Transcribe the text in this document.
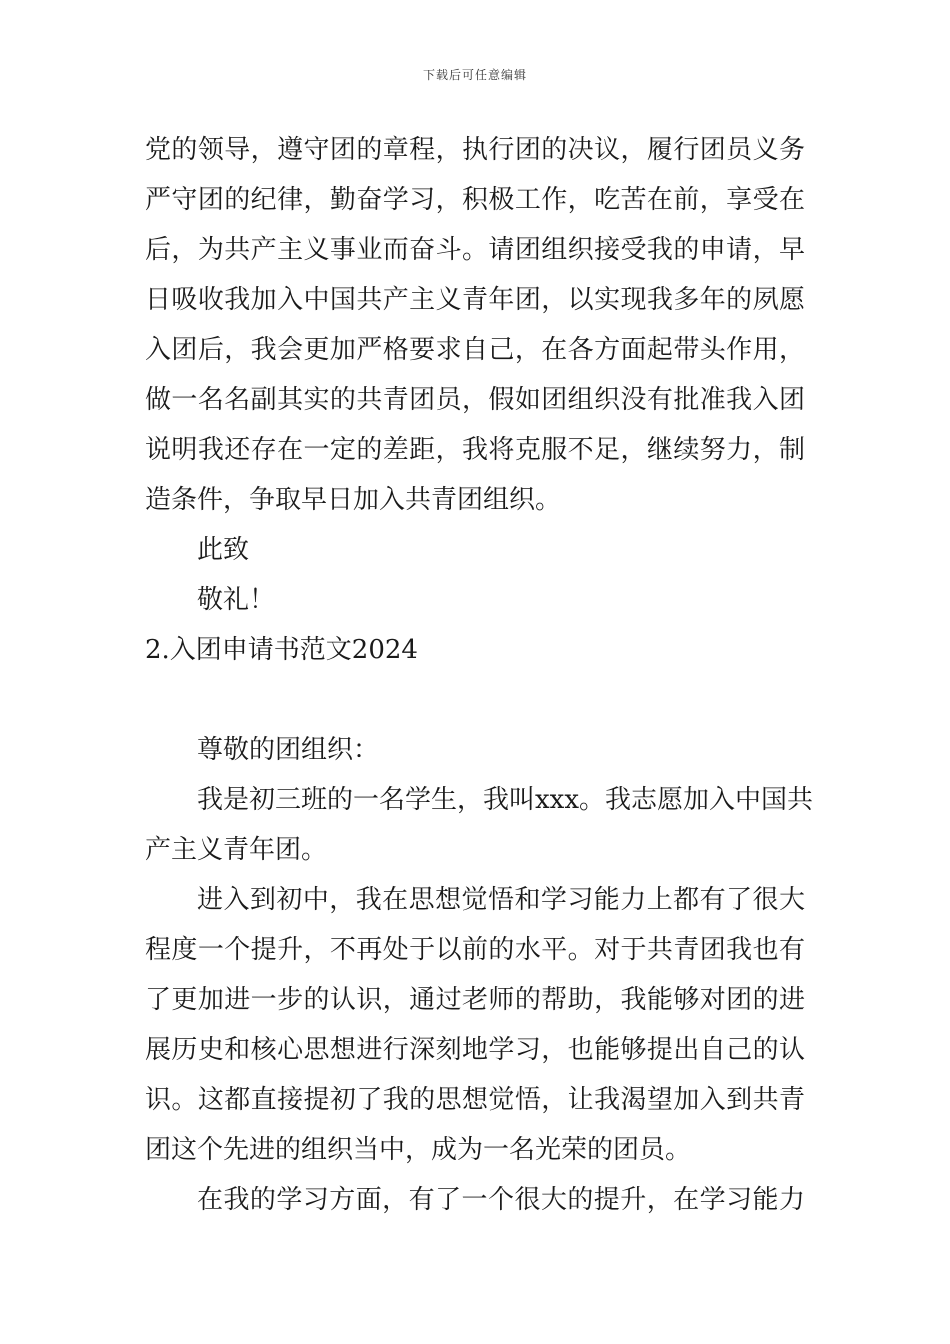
下载后可任意编辑
党的领导，遵守团的章程，执行团的决议，履行团员义务
严守团的纪律，勤奋学习，积极工作，吃苦在前，享受在
后，为共产主义事业而奋斗。请团组织接受我的申请，早
日吸收我加入中国共产主义青年团，以实现我多年的夙愿
入团后，我会更加严格要求自己，在各方面起带头作用，
做一名名副其实的共青团员，假如团组织没有批准我入团
说明我还存在一定的差距，我将克服不足，继续努力，制
造条件，争取早日加入共青团组织。
此致
敬礼！
2.入团申请书范文2024
尊敬的团组织：
我是初三班的一名学生，我叫xxx。我志愿加入中国共
产主义青年团。
进入到初中，我在思想觉悟和学习能力上都有了很大
程度一个提升，不再处于以前的水平。对于共青团我也有
了更加进一步的认识，通过老师的帮助，我能够对团的进
展历史和核心思想进行深刻地学习，也能够提出自己的认
识。这都直接提初了我的思想觉悟，让我渴望加入到共青
团这个先进的组织当中，成为一名光荣的团员。
在我的学习方面，有了一个很大的提升，在学习能力
